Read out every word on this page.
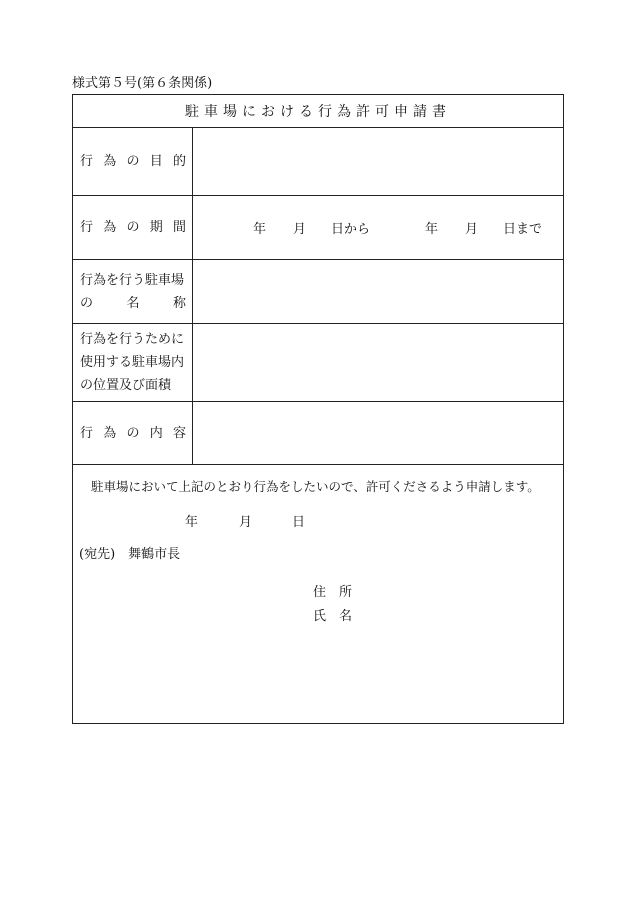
様式第５号(第６条関係)
駐車場における行為許可申請書
行 為 の 目 的
行 為 の 期 間	年 月 日から	年 月 日まで
行為を行う駐車場
の	名	称
行為を行うために
使用する駐車場内
の位置及び面積
行 為 の 内 容
駐車場において上記のとおり行為をしたいので、許可くださるよう申請します。
年	月	日
(宛先)　舞鶴市長
住　所
氏　名
